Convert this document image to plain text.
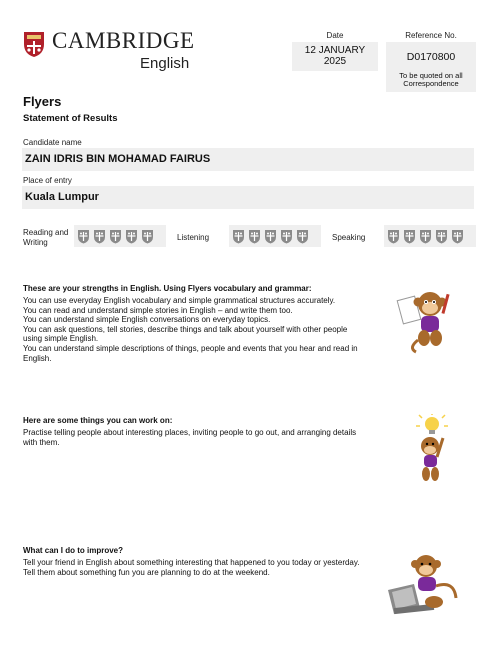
CAMBRIDGE
English
Date
12 JANUARY 2025
Reference No.
D0170800
To be quoted on all Correspondence
Flyers
Statement of Results
Candidate name
ZAIN IDRIS BIN MOHAMAD FAIRUS
Place of entry
Kuala Lumpur
Reading and
Writing	Listening	Speaking
These are your strengths in English. Using Flyers vocabulary and grammar:
You can use everyday English vocabulary and simple grammatical structures accurately.
You can read and understand simple stories in English – and write them too.
You can understand simple English conversations on everyday topics.
You can ask questions, tell stories, describe things and talk about yourself with other people
using simple English.
You can understand simple descriptions of things, people and events that you hear and read in
English.
Here are some things you can work on:
Practise telling people about interesting places, inviting people to go out, and arranging details
with them.
What can I do to improve?
Tell your friend in English about something interesting that happened to you today or yesterday.
Tell them about something fun you are planning to do at the weekend.
